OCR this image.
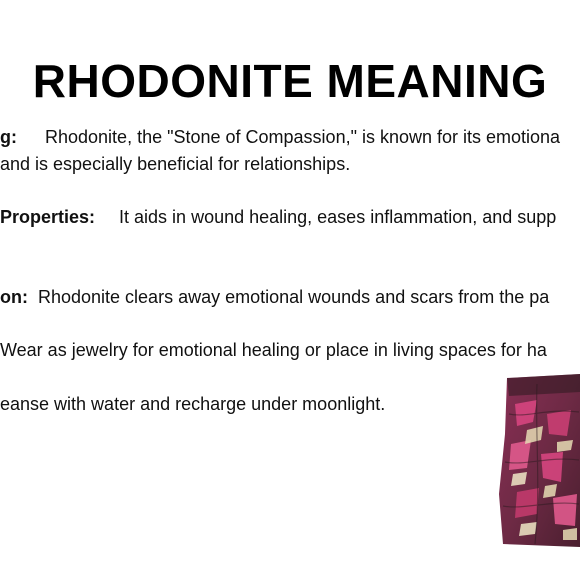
RHODONITE MEANING
g: Rhodonite, the "Stone of Compassion," is known for its emotiona
and is especially beneficial for relationships.
Properties: It aids in wound healing, eases inflammation, and supp
on: Rhodonite clears away emotional wounds and scars from the pa
Wear as jewelry for emotional healing or place in living spaces for ha
eanse with water and recharge under moonlight.
